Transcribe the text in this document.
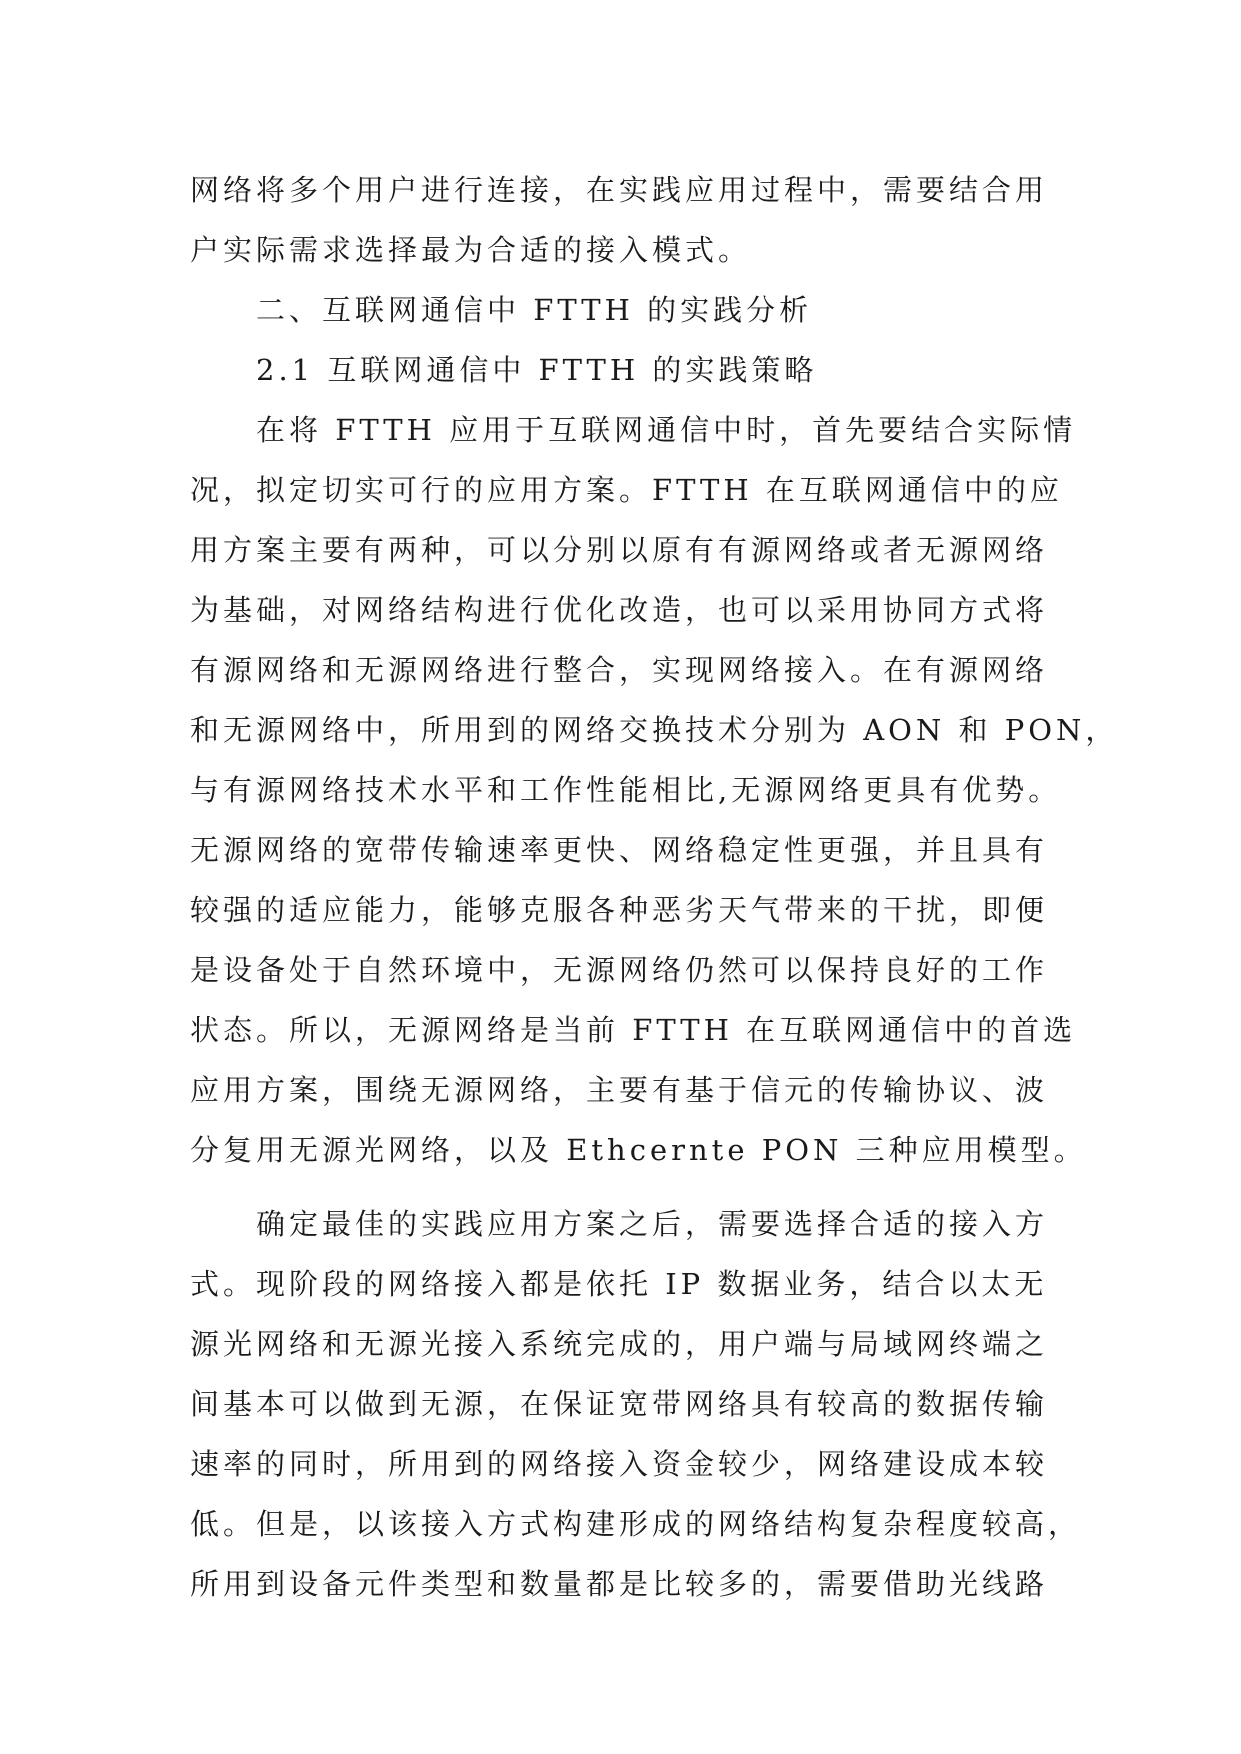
网络将多个用户进行连接，在实践应用过程中，需要结合用
户实际需求选择最为合适的接入模式。
二、互联网通信中 FTTH 的实践分析
2.1 互联网通信中 FTTH 的实践策略
在将 FTTH 应用于互联网通信中时，首先要结合实际情
况，拟定切实可行的应用方案。FTTH 在互联网通信中的应
用方案主要有两种，可以分别以原有有源网络或者无源网络
为基础，对网络结构进行优化改造，也可以采用协同方式将
有源网络和无源网络进行整合，实现网络接入。在有源网络
和无源网络中，所用到的网络交换技术分别为 AON 和 PON，
与有源网络技术水平和工作性能相比,无源网络更具有优势。
无源网络的宽带传输速率更快、网络稳定性更强，并且具有
较强的适应能力，能够克服各种恶劣天气带来的干扰，即便
是设备处于自然环境中，无源网络仍然可以保持良好的工作
状态。所以，无源网络是当前 FTTH 在互联网通信中的首选
应用方案，围绕无源网络，主要有基于信元的传输协议、波
分复用无源光网络，以及 Ethcernte PON 三种应用模型。
确定最佳的实践应用方案之后，需要选择合适的接入方
式。现阶段的网络接入都是依托 IP 数据业务，结合以太无
源光网络和无源光接入系统完成的，用户端与局域网终端之
间基本可以做到无源，在保证宽带网络具有较高的数据传输
速率的同时，所用到的网络接入资金较少，网络建设成本较
低。但是，以该接入方式构建形成的网络结构复杂程度较高，
所用到设备元件类型和数量都是比较多的，需要借助光线路
